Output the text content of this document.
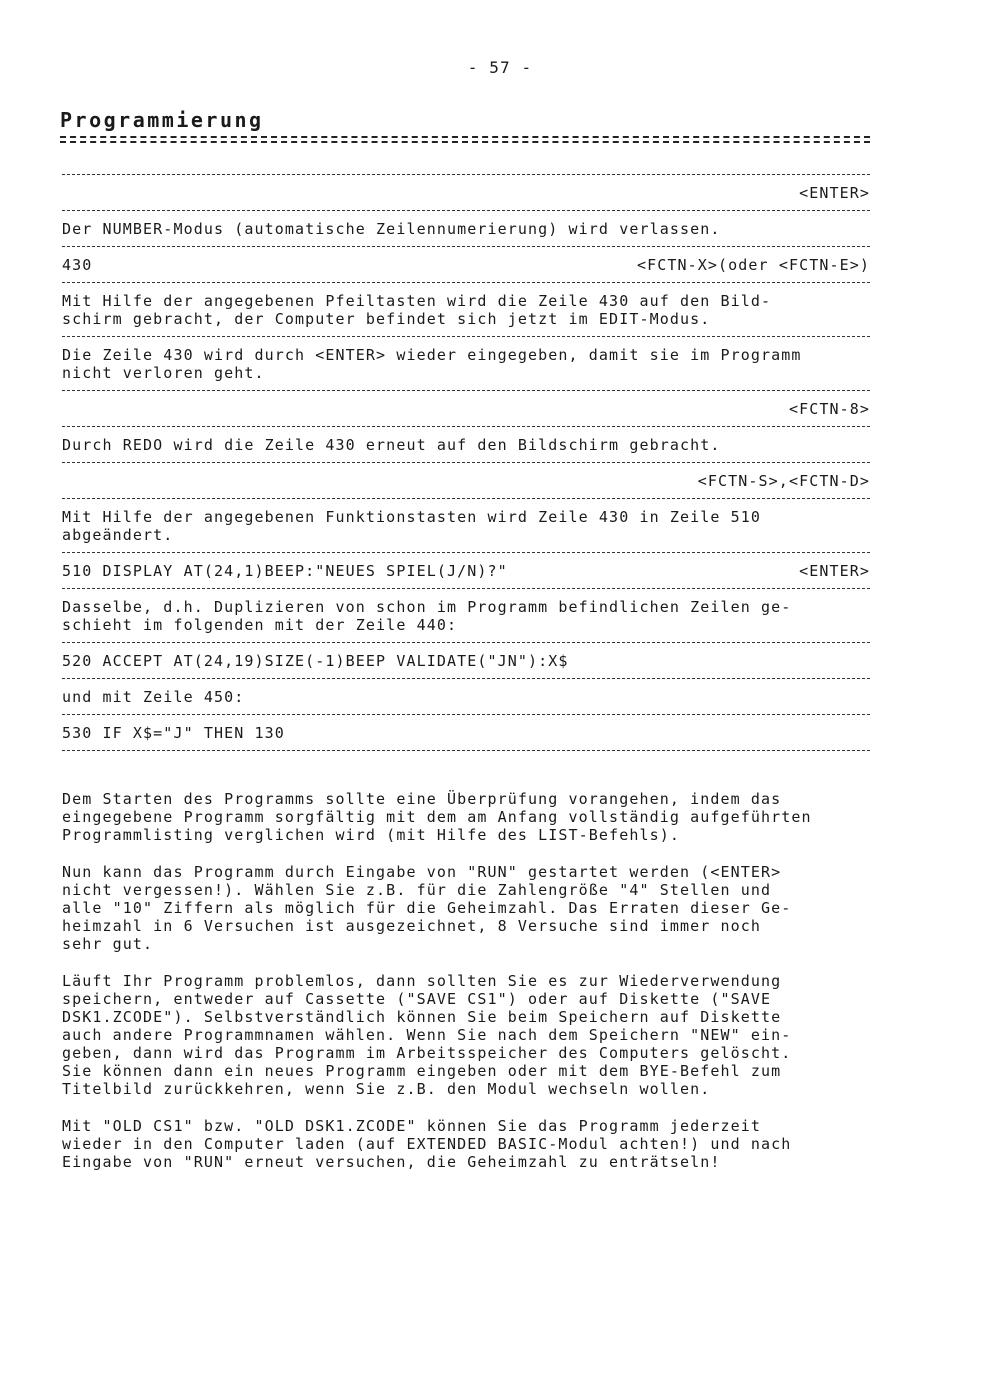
- 57 -
Programmierung
<ENTER>
Der NUMBER-Modus (automatische Zeilennumerierung) wird verlassen.
430	<FCTN-X>(oder <FCTN-E>)
Mit Hilfe der angegebenen Pfeiltasten wird die Zeile 430 auf den Bild-
schirm gebracht, der Computer befindet sich jetzt im EDIT-Modus.
Die Zeile 430 wird durch <ENTER> wieder eingegeben, damit sie im Programm
nicht verloren geht.
<FCTN-8>
Durch REDO wird die Zeile 430 erneut auf den Bildschirm gebracht.
<FCTN-S>,<FCTN-D>
Mit Hilfe der angegebenen Funktionstasten wird Zeile 430 in Zeile 510
abgeändert.
510 DISPLAY AT(24,1)BEEP:"NEUES SPIEL(J/N)?"	<ENTER>
Dasselbe, d.h. Duplizieren von schon im Programm befindlichen Zeilen ge-
schieht im folgenden mit der Zeile 440:
520 ACCEPT AT(24,19)SIZE(-1)BEEP VALIDATE("JN"):X$
und mit Zeile 450:
530 IF X$="J" THEN 130
Dem Starten des Programms sollte eine Überprüfung vorangehen, indem das
eingegebene Programm sorgfältig mit dem am Anfang vollständig aufgeführten
Programmlisting verglichen wird (mit Hilfe des LIST-Befehls).
Nun kann das Programm durch Eingabe von "RUN" gestartet werden (<ENTER>
nicht vergessen!). Wählen Sie z.B. für die Zahlengröße "4" Stellen und
alle "10" Ziffern als möglich für die Geheimzahl. Das Erraten dieser Ge-
heimzahl in 6 Versuchen ist ausgezeichnet, 8 Versuche sind immer noch
sehr gut.
Läuft Ihr Programm problemlos, dann sollten Sie es zur Wiederverwendung
speichern, entweder auf Cassette ("SAVE CS1") oder auf Diskette ("SAVE
DSK1.ZCODE"). Selbstverständlich können Sie beim Speichern auf Diskette
auch andere Programmnamen wählen. Wenn Sie nach dem Speichern "NEW" ein-
geben, dann wird das Programm im Arbeitsspeicher des Computers gelöscht.
Sie können dann ein neues Programm eingeben oder mit dem BYE-Befehl zum
Titelbild zurückkehren, wenn Sie z.B. den Modul wechseln wollen.
Mit "OLD CS1" bzw. "OLD DSK1.ZCODE" können Sie das Programm jederzeit
wieder in den Computer laden (auf EXTENDED BASIC-Modul achten!) und nach
Eingabe von "RUN" erneut versuchen, die Geheimzahl zu enträtseln!
